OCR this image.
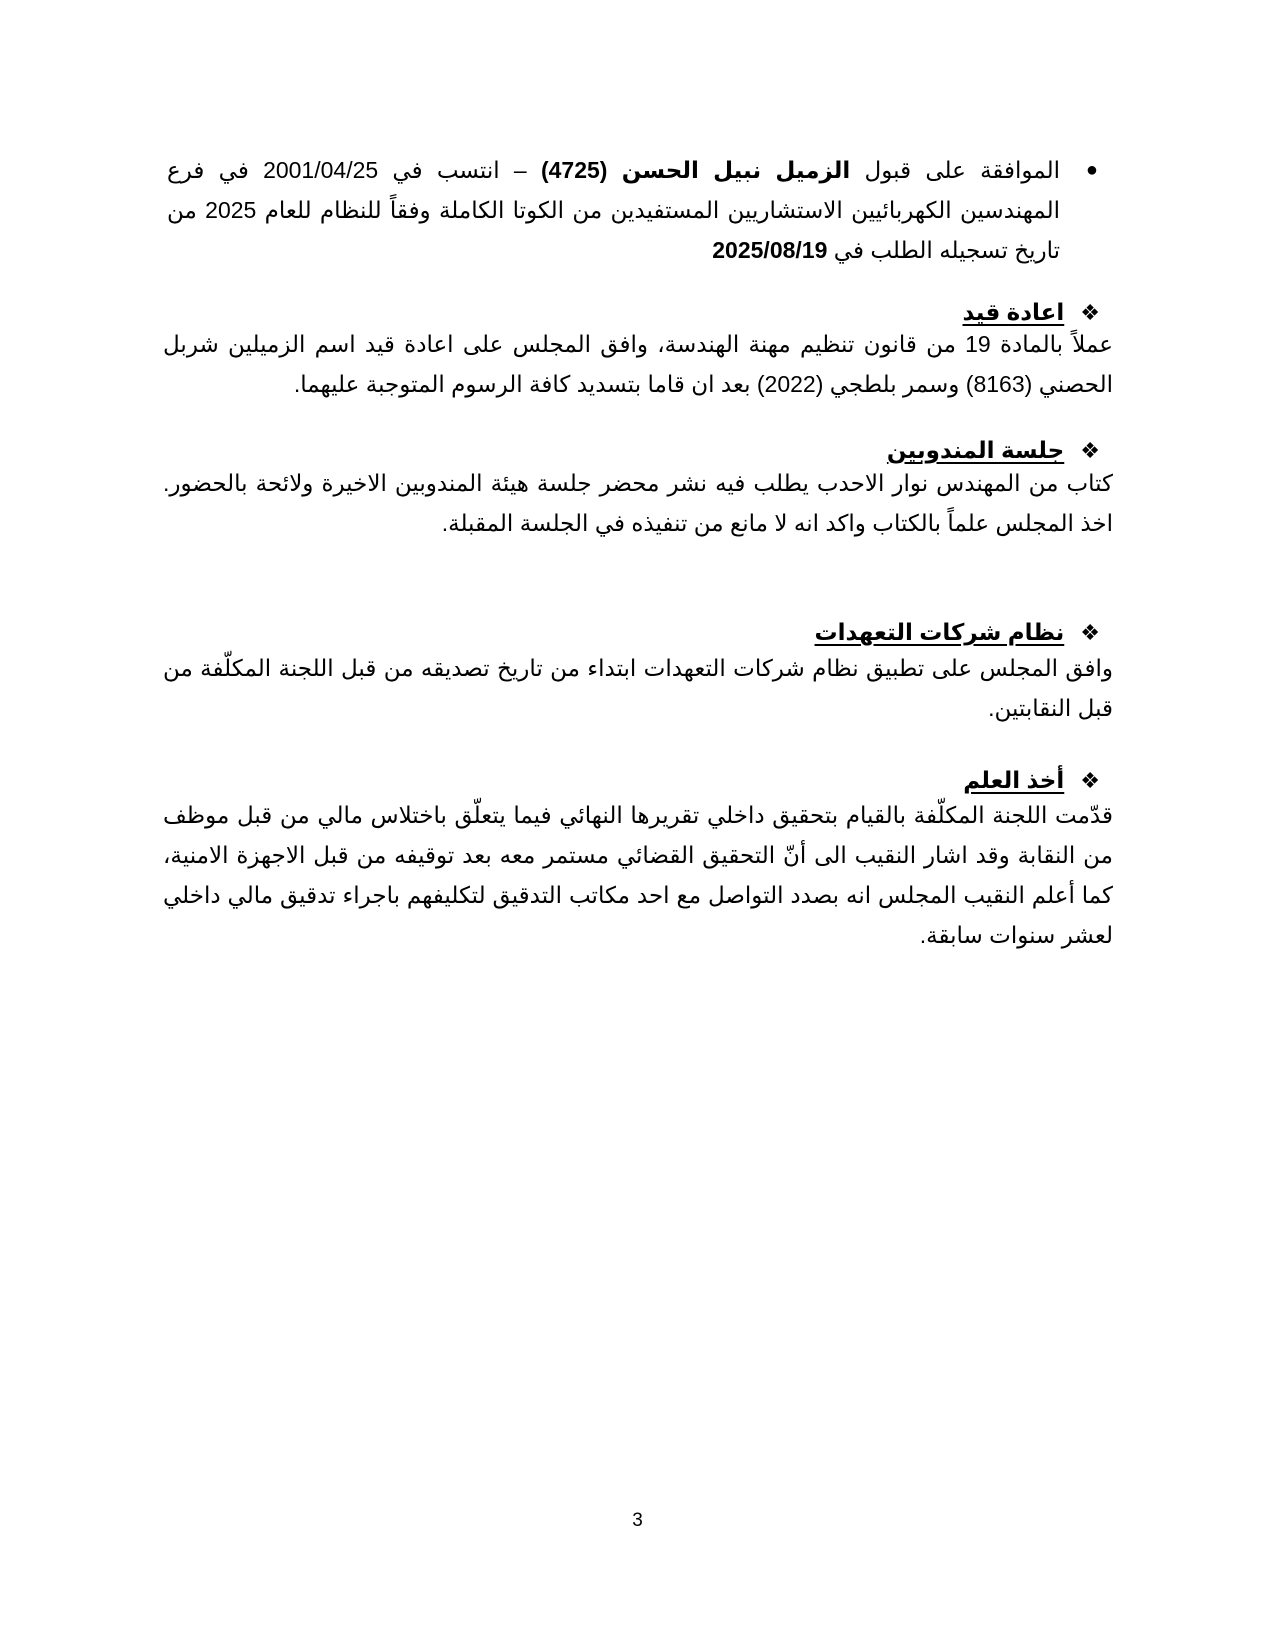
●
الموافقة على قبول الزميل نبيل الحسن (4725) – انتسب في 2001/04/25 في فرع المهندسين الكهربائيين الاستشاريين المستفيدين من الكوتا الكاملة وفقاً للنظام للعام 2025 من تاريخ تسجيله الطلب في 2025/08/19
❖اعادة قيد
عملاً بالمادة 19 من قانون تنظيم مهنة الهندسة، وافق المجلس على اعادة قيد اسم الزميلين شربل الحصني (8163) وسمر بلطجي (2022) بعد ان قاما بتسديد كافة الرسوم المتوجبة عليهما.
❖جلسة المندوبين
كتاب من المهندس نوار الاحدب يطلب فيه نشر محضر جلسة هيئة المندوبين الاخيرة ولائحة بالحضور. اخذ المجلس علماً بالكتاب واكد انه لا مانع من تنفيذه في الجلسة المقبلة.
❖نظام شركات التعهدات
وافق المجلس على تطبيق نظام شركات التعهدات ابتداء من تاريخ تصديقه من قبل اللجنة المكلّفة من قبل النقابتين.
❖أخذ العلم
قدّمت اللجنة المكلّفة بالقيام بتحقيق داخلي تقريرها النهائي فيما يتعلّق باختلاس مالي من قبل موظف من النقابة وقد اشار النقيب الى أنّ التحقيق القضائي مستمر معه بعد توقيفه من قبل الاجهزة الامنية، كما أعلم النقيب المجلس انه بصدد التواصل مع احد مكاتب التدقيق لتكليفهم باجراء تدقيق مالي داخلي لعشر سنوات سابقة.
3
